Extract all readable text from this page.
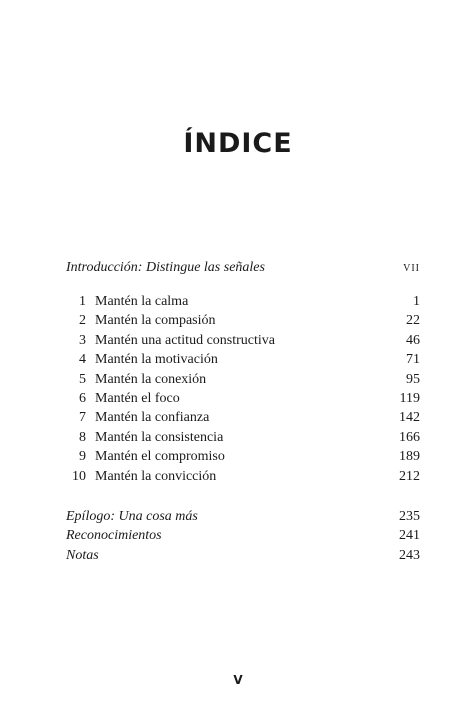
ÍNDICE
Introducción: Distingue las señales	vii
1 Mantén la calma	1
2 Mantén la compasión	22
3 Mantén una actitud constructiva	46
4 Mantén la motivación	71
5 Mantén la conexión	95
6 Mantén el foco	119
7 Mantén la confianza	142
8 Mantén la consistencia	166
9 Mantén el compromiso	189
10 Mantén la convicción	212
Epílogo: Una cosa más	235
Reconocimientos	241
Notas	243
V
